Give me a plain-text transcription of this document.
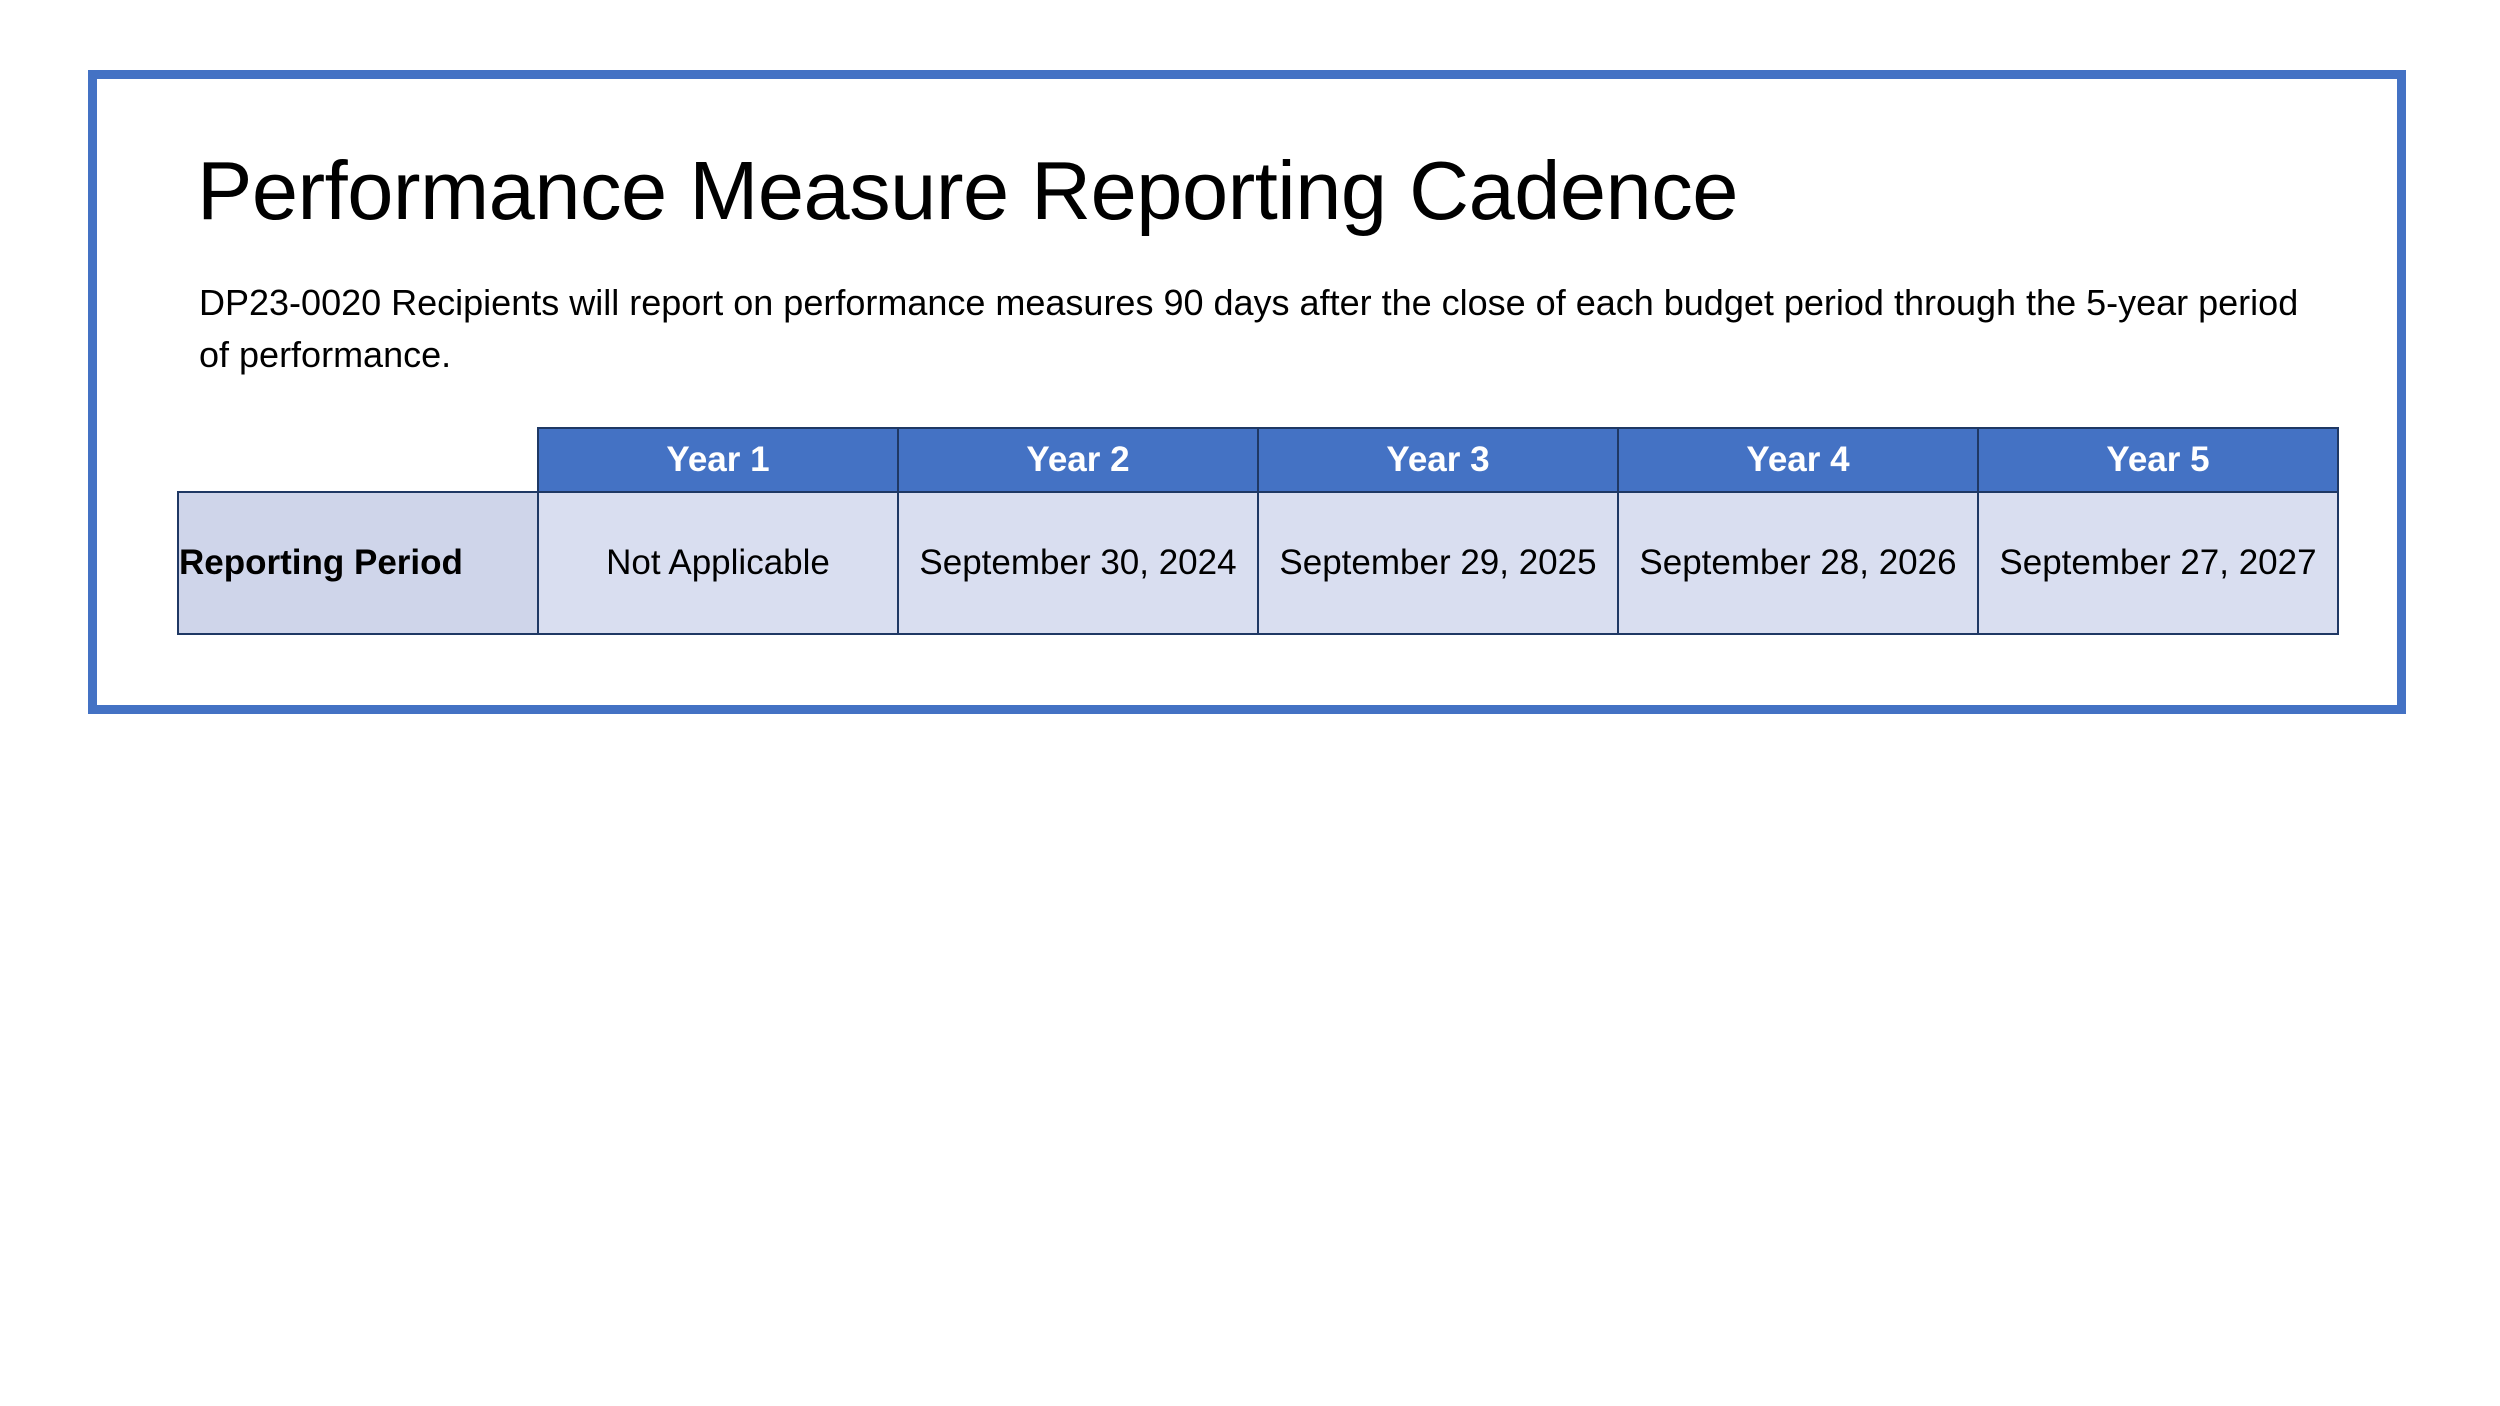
Performance Measure Reporting Cadence
DP23-0020 Recipients will report on performance measures 90 days after the close of each budget period through the 5-year period of performance.
	Year 1	Year 2	Year 3	Year 4	Year 5
Reporting Period	Not Applicable	September 30, 2024	September 29, 2025	September 28, 2026	September 27, 2027
